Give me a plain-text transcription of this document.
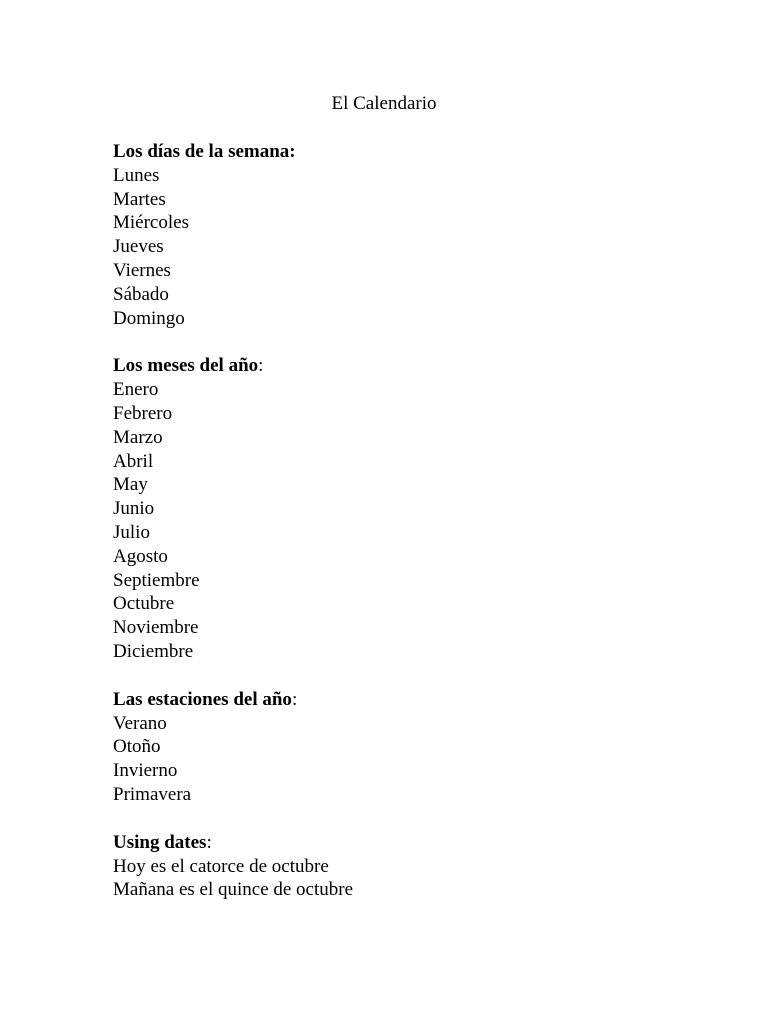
El Calendario
Los días de la semana:
Lunes
Martes
Miércoles
Jueves
Viernes
Sábado
Domingo
Los meses del año:
Enero
Febrero
Marzo
Abril
May
Junio
Julio
Agosto
Septiembre
Octubre
Noviembre
Diciembre
Las estaciones del año:
Verano
Otoño
Invierno
Primavera
Using dates:
Hoy es el catorce de octubre
Mañana es el quince de octubre
